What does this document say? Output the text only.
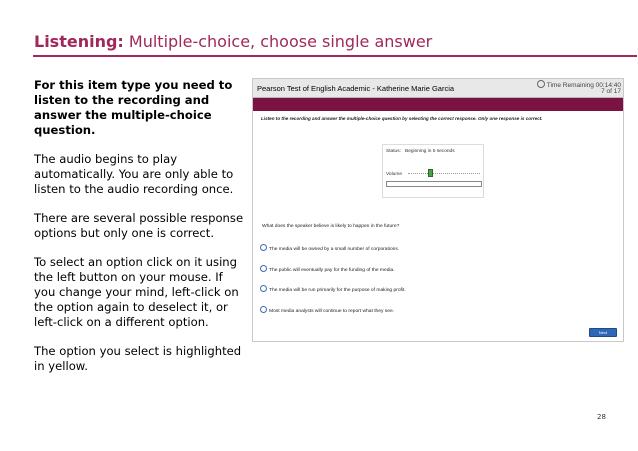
Listening: Multiple-choice, choose single answer

For this item type you need to listen to the recording and answer the multiple-choice question.

The audio begins to play automatically. You are only able to listen to the audio recording once.

There are several possible response options but only one is correct.

To select an option click on it using the left button on your mouse. If you change your mind, left-click on the option again to deselect it, or left-click on a different option.

The option you select is highlighted in yellow.

Pearson Test of English Academic - Katherine Marie Garcia	Time Remaining 00:14:40
7 of 17
Listen to the recording and answer the multiple-choice question by selecting the correct response. Only one response is correct.
Status: Beginning in 5 seconds
Volume
What does the speaker believe is likely to happen in the future?
The media will be owned by a small number of corporations.
The public will eventually pay for the funding of the media.
The media will be run primarily for the purpose of making profit.
Most media analysts will continue to report what they see.
Next
28
